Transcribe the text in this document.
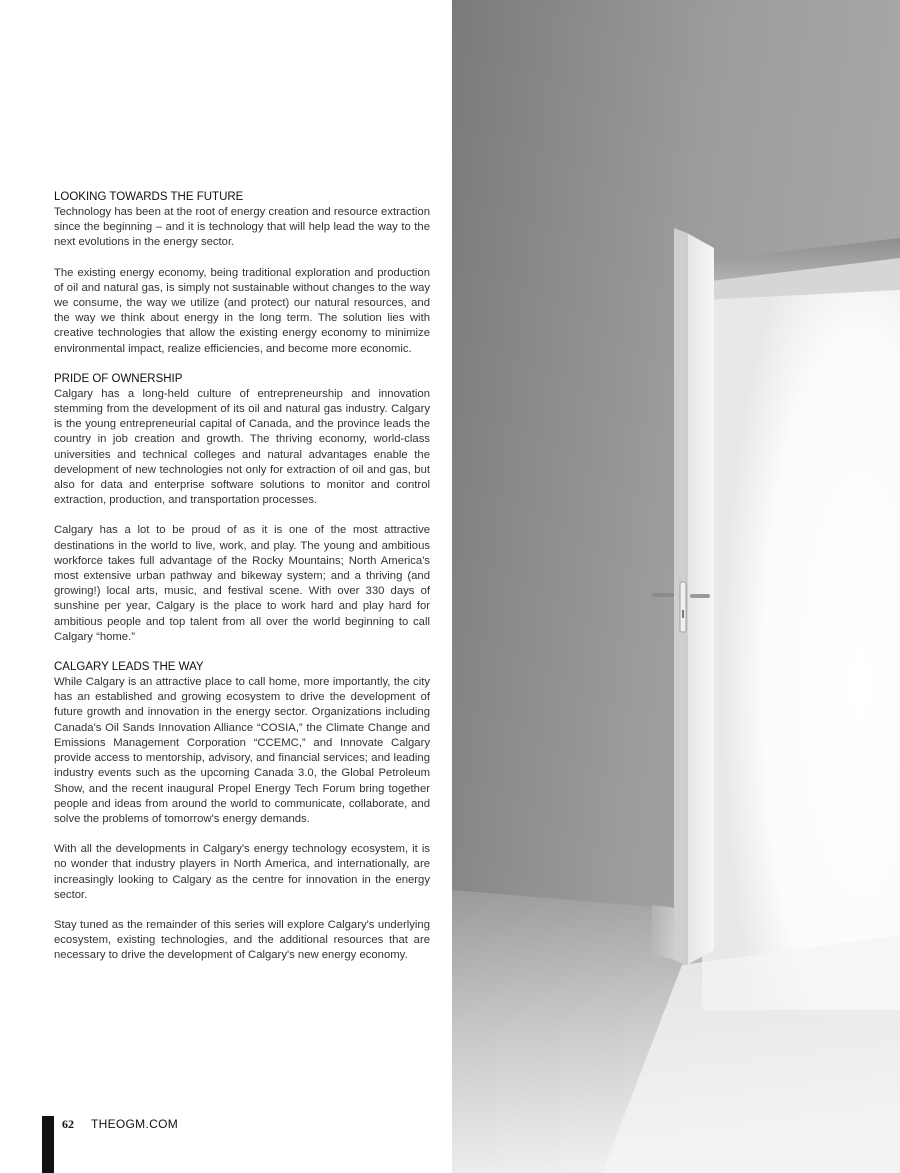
LOOKING TOWARDS THE FUTURE

Technology has been at the root of energy creation and resource extraction since the beginning – and it is technology that will help lead the way to the next evolutions in the energy sector.

The existing energy economy, being traditional exploration and production of oil and natural gas, is simply not sustainable without changes to the way we consume, the way we utilize (and protect) our natural resources, and the way we think about energy in the long term. The solution lies with creative technologies that allow the existing energy economy to minimize environmental impact, realize efficiencies, and become more economic.

PRIDE OF OWNERSHIP

Calgary has a long-held culture of entrepreneurship and innovation stemming from the development of its oil and natural gas industry. Calgary is the young entrepreneurial capital of Canada, and the province leads the country in job creation and growth. The thriving economy, world-class universities and technical colleges and natural advantages enable the development of new technologies not only for extraction of oil and gas, but also for data and enterprise software solutions to monitor and control extraction, production, and transportation processes.

Calgary has a lot to be proud of as it is one of the most attractive destinations in the world to live, work, and play. The young and ambitious workforce takes full advantage of the Rocky Mountains; North America's most extensive urban pathway and bikeway system; and a thriving (and growing!) local arts, music, and festival scene. With over 330 days of sunshine per year, Calgary is the place to work hard and play hard for ambitious people and top talent from all over the world beginning to call Calgary “home.”

CALGARY LEADS THE WAY

While Calgary is an attractive place to call home, more importantly, the city has an established and growing ecosystem to drive the development of future growth and innovation in the energy sector. Organizations including Canada's Oil Sands Innovation Alliance “COSIA,” the Climate Change and Emissions Management Corporation “CCEMC,” and Innovate Calgary provide access to mentorship, advisory, and financial services; and leading industry events such as the upcoming Canada 3.0, the Global Petroleum Show, and the recent inaugural Propel Energy Tech Forum bring together people and ideas from around the world to communicate, collaborate, and solve the problems of tomorrow's energy demands.

With all the developments in Calgary's energy technology ecosystem, it is no wonder that industry players in North America, and internationally, are increasingly looking to Calgary as the centre for innovation in the energy sector.

Stay tuned as the remainder of this series will explore Calgary's underlying ecosystem, existing technologies, and the additional resources that are necessary to drive the development of Calgary's new energy economy.

62 THEOGM.COM
